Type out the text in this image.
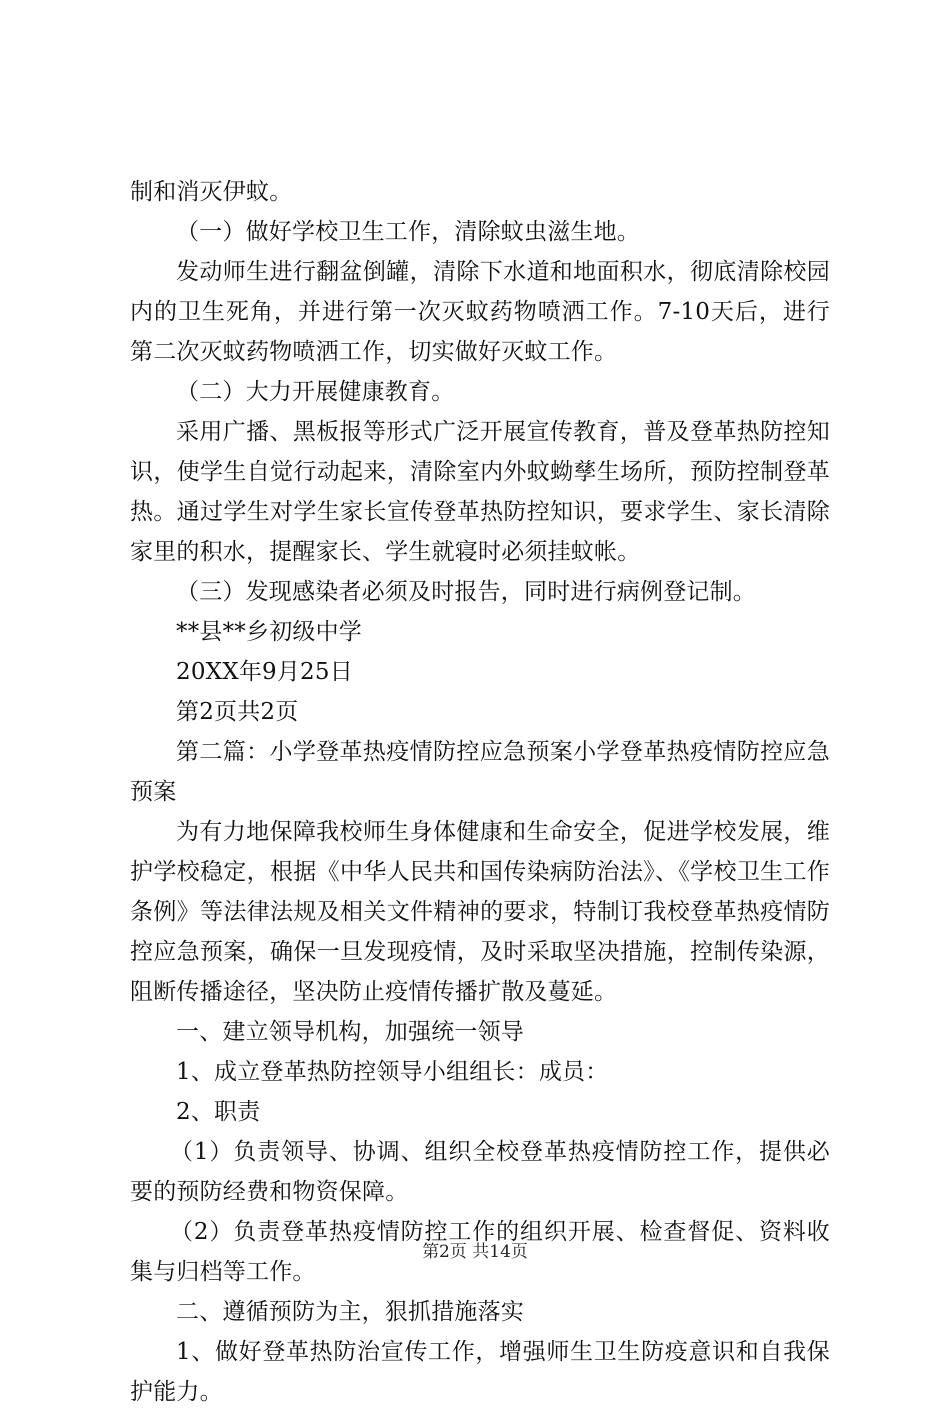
制和消灭伊蚊。

（一）做好学校卫生工作，清除蚊虫滋生地。

发动师生进行翻盆倒罐，清除下水道和地面积水，彻底清除校园内的卫生死角，并进行第一次灭蚊药物喷洒工作。7-10天后，进行第二次灭蚊药物喷洒工作，切实做好灭蚊工作。

（二）大力开展健康教育。

采用广播、黑板报等形式广泛开展宣传教育，普及登革热防控知识，使学生自觉行动起来，清除室内外蚊蚴孳生场所，预防控制登革热。通过学生对学生家长宣传登革热防控知识，要求学生、家长清除家里的积水，提醒家长、学生就寝时必须挂蚊帐。

（三）发现感染者必须及时报告，同时进行病例登记制。

**县**乡初级中学

20XX年9月25日

第2页共2页

第二篇：小学登革热疫情防控应急预案小学登革热疫情防控应急预案

为有力地保障我校师生身体健康和生命安全，促进学校发展，维护学校稳定，根据《中华人民共和国传染病防治法》、《学校卫生工作条例》等法律法规及相关文件精神的要求，特制订我校登革热疫情防控应急预案，确保一旦发现疫情，及时采取坚决措施，控制传染源，阻断传播途径，坚决防止疫情传播扩散及蔓延。

一、建立领导机构，加强统一领导

1、成立登革热防控领导小组组长：成员：

2、职责

（1）负责领导、协调、组织全校登革热疫情防控工作，提供必要的预防经费和物资保障。

（2）负责登革热疫情防控工作的组织开展、检查督促、资料收集与归档等工作。

二、遵循预防为主，狠抓措施落实

1、做好登革热防治宣传工作，增强师生卫生防疫意识和自我保护能力。

第2页 共14页
